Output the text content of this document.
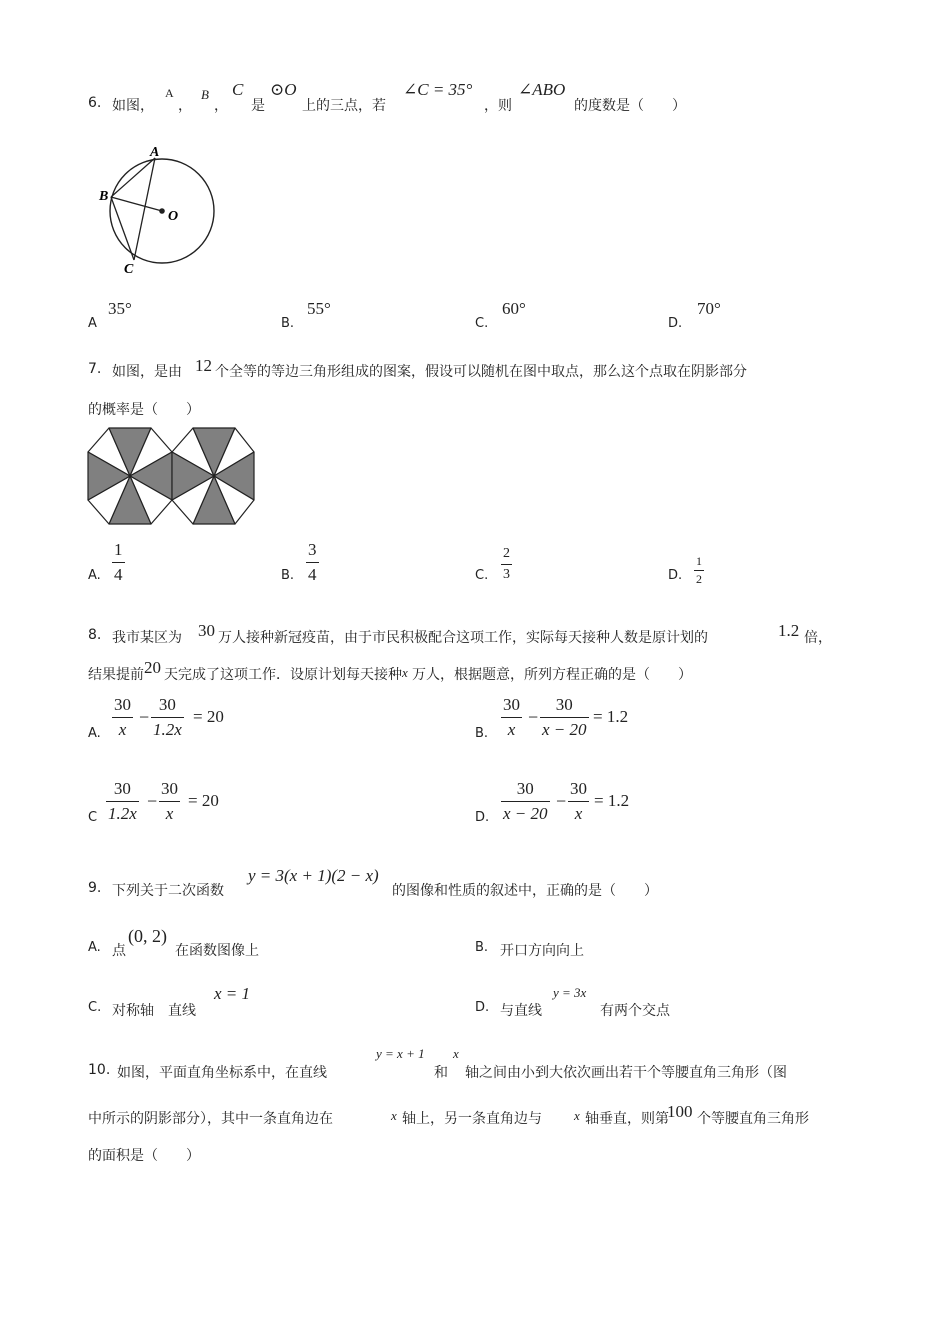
6. 如图，
A
，
B
，
C
是
⊙O
上的三点，若
∠C = 35°
，则
∠ABO
的度数是（　　）
A
B
C
O
A
35°
B.
55°
C.
60°
D.
70°
7. 如图，是由 12 个全等的等边三角形组成的图案，假设可以随机在图中取点，那么这个点取在阴影部分
的概率是（　　）
A.
1
4	B.
3
4	C.
2
3	D.
1
2
8. 我市某区为 30 万人接种新冠疫苗，由于市民积极配合这项工作，实际每天接种人数是原计划的	1.2 倍，
结果提前 20 天完成了这项工作．设原计划每天接种 x 万人，根据题意，所列方程正确的是（　　）
A.
30
x
−
30
1.2x
= 20
B.
30
x
−
30
x − 20
= 1.2
C
30
1.2x
−
30
x
= 20
D.
30
x − 20
−
30
x
= 1.2
9. 下列关于二次函数
y = 3(x + 1)(2 − x)
的图像和性质的叙述中，正确的是（　　）
A. 点
(0, 2)
在函数图像上	B. 开口方向向上
C. 对称轴　直线
x = 1
D. 与直线
y = 3x
有两个交点
10. 如图，平面直角坐标系中，在直线
y = x + 1
和
x
轴之间由小到大依次画出若干个等腰直角三角形（图
中所示的阴影部分），其中一条直角边在	x 轴上，另一条直角边与 x 轴垂直，则第
100 个等腰直角三角形
的面积是（　　）
